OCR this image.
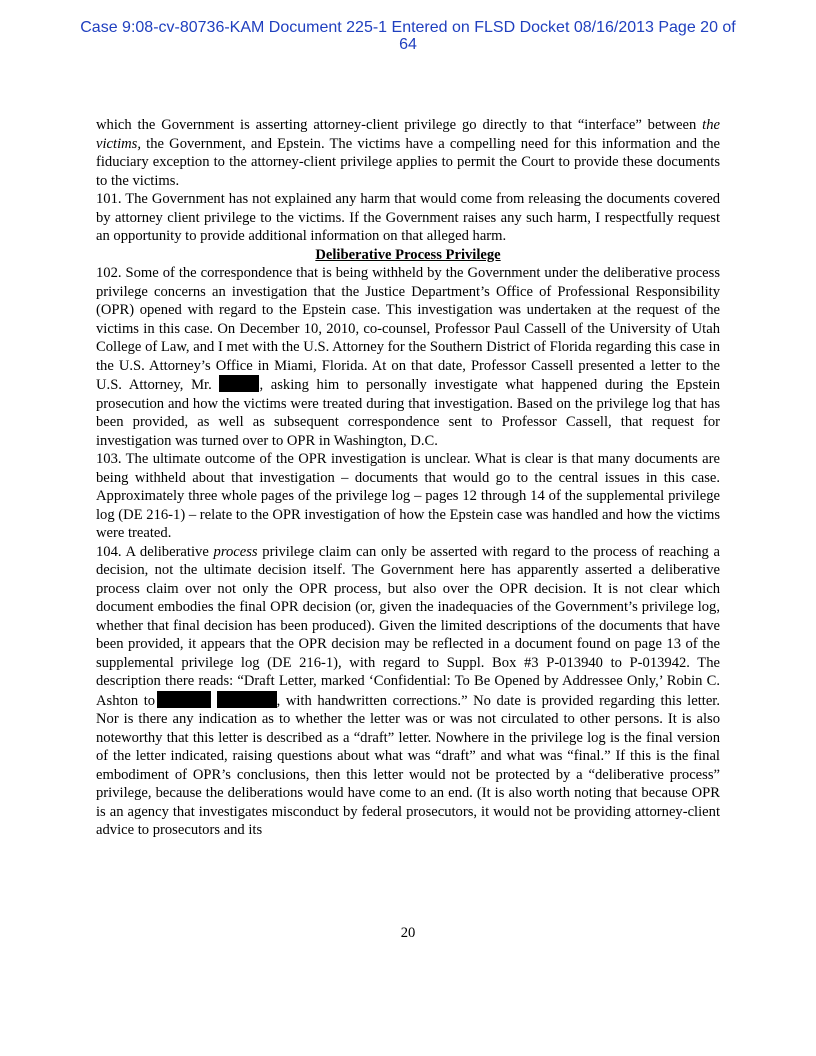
Case 9:08-cv-80736-KAM Document 225-1 Entered on FLSD Docket 08/16/2013 Page 20 of
64

which the Government is asserting attorney-client privilege go directly to that “interface” between the victims, the Government, and Epstein. The victims have a compelling need for this information and the fiduciary exception to the attorney-client privilege applies to permit the Court to provide these documents to the victims.

101. The Government has not explained any harm that would come from releasing the documents covered by attorney client privilege to the victims. If the Government raises any such harm, I respectfully request an opportunity to provide additional information on that alleged harm.

Deliberative Process Privilege

102. Some of the correspondence that is being withheld by the Government under the deliberative process privilege concerns an investigation that the Justice Department’s Office of Professional Responsibility (OPR) opened with regard to the Epstein case. This investigation was undertaken at the request of the victims in this case. On December 10, 2010, co-counsel, Professor Paul Cassell of the University of Utah College of Law, and I met with the U.S. Attorney for the Southern District of Florida regarding this case in the U.S. Attorney’s Office in Miami, Florida. At on that date, Professor Cassell presented a letter to the U.S. Attorney, Mr.	, asking him to personally investigate what happened during the Epstein prosecution and how the victims were treated during that investigation. Based on the privilege log that has been provided, as well as subsequent correspondence sent to Professor Cassell, that request for investigation was turned over to OPR in Washington, D.C.

103. The ultimate outcome of the OPR investigation is unclear. What is clear is that many documents are being withheld about that investigation – documents that would go to the central issues in this case. Approximately three whole pages of the privilege log – pages 12 through 14 of the supplemental privilege log (DE 216-1) – relate to the OPR investigation of how the Epstein case was handled and how the victims were treated.

104. A deliberative process privilege claim can only be asserted with regard to the process of reaching a decision, not the ultimate decision itself. The Government here has apparently asserted a deliberative process claim over not only the OPR process, but also over the OPR decision. It is not clear which document embodies the final OPR decision (or, given the inadequacies of the Government’s privilege log, whether that final decision has been produced). Given the limited descriptions of the documents that have been provided, it appears that the OPR decision may be reflected in a document found on page 13 of the supplemental privilege log (DE 216-1), with regard to Suppl. Box #3 P-013940 to P-013942. The description there reads: “Draft Letter, marked ‘Confidential: To Be Opened by Addressee Only,’ Robin C. Ashton to	, with handwritten corrections.” No date is provided regarding this letter. Nor is there any indication as to whether the letter was or was not circulated to other persons. It is also noteworthy that this letter is described as a “draft” letter. Nowhere in the privilege log is the final version of the letter indicated, raising questions about what was “draft” and what was “final.” If this is the final embodiment of OPR’s conclusions, then this letter would not be protected by a “deliberative process” privilege, because the deliberations would have come to an end. (It is also worth noting that because OPR is an agency that investigates misconduct by federal prosecutors, it would not be providing attorney-client advice to prosecutors and its

20
